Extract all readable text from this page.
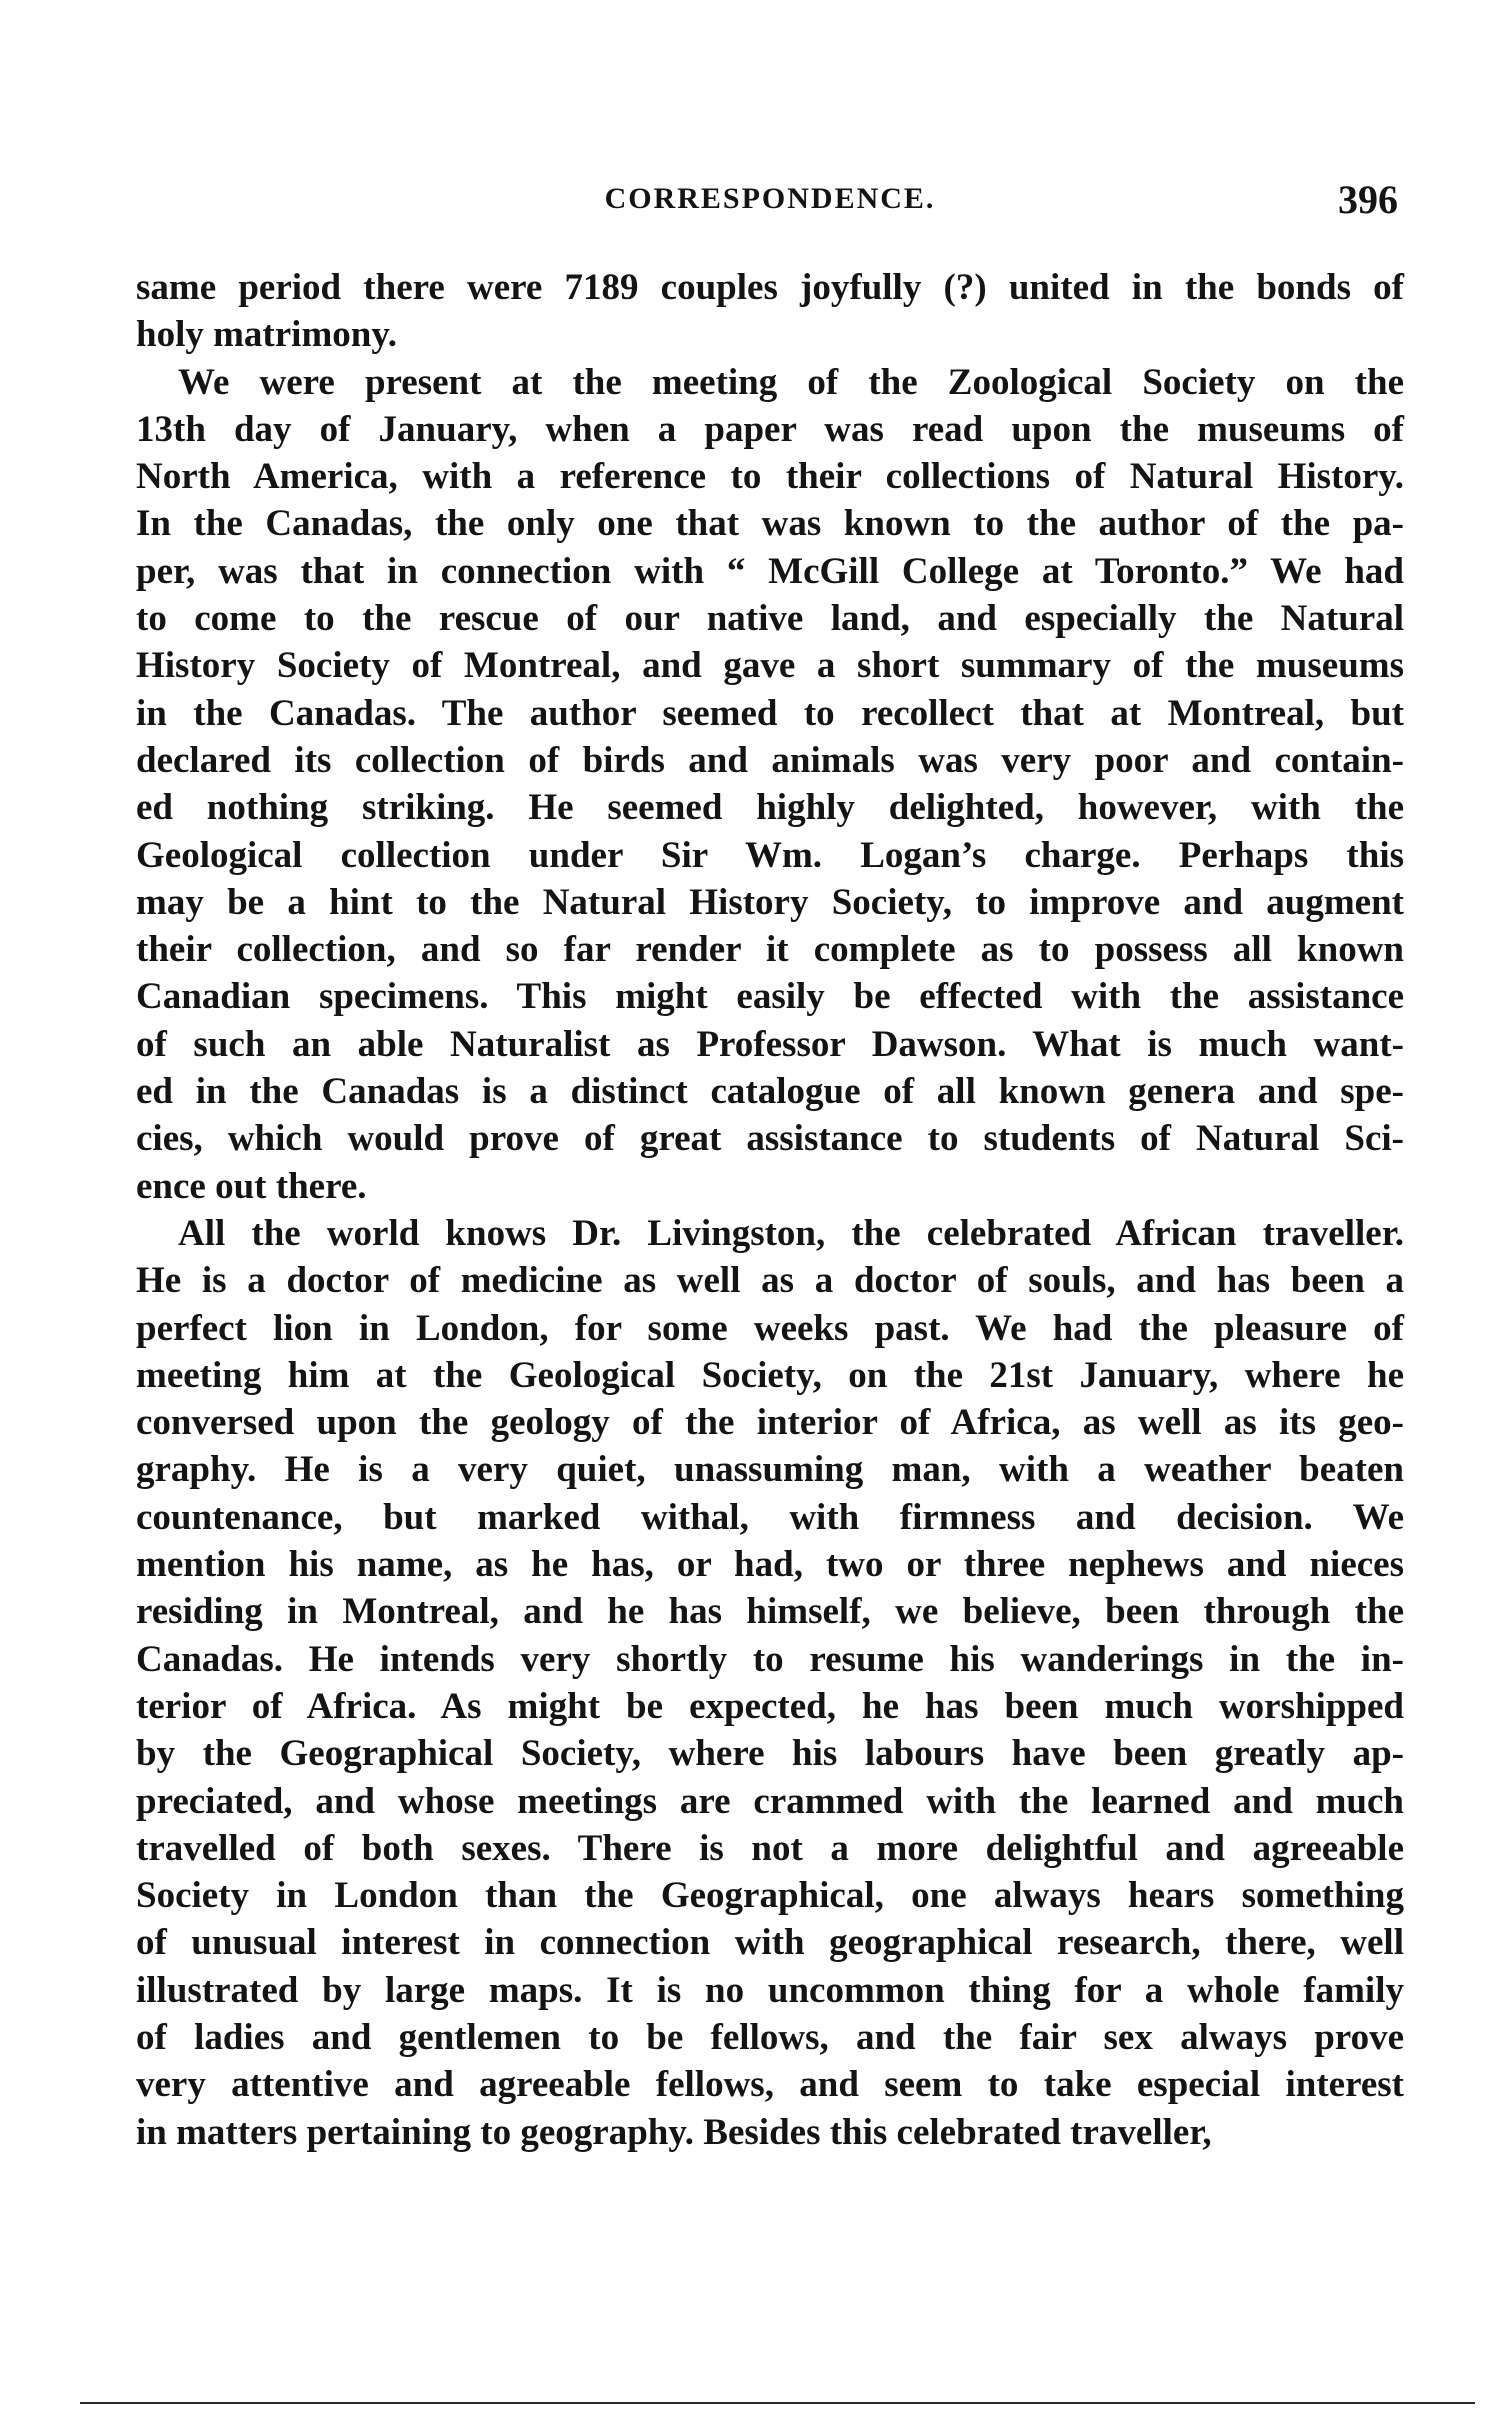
CORRESPONDENCE.	396
same period there were 7189 couples joyfully (?) united in the bonds of
holy matrimony.
We were present at the meeting of the Zoological Society on the
13th day of January, when a paper was read upon the museums of
North America, with a reference to their collections of Natural History.
In the Canadas, the only one that was known to the author of the pa-
per, was that in connection with “ McGill College at Toronto.” We had
to come to the rescue of our native land, and especially the Natural
History Society of Montreal, and gave a short summary of the museums
in the Canadas. The author seemed to recollect that at Montreal, but
declared its collection of birds and animals was very poor and contain-
ed nothing striking. He seemed highly delighted, however, with the
Geological collection under Sir Wm. Logan’s charge. Perhaps this
may be a hint to the Natural History Society, to improve and augment
their collection, and so far render it complete as to possess all known
Canadian specimens. This might easily be effected with the assistance
of such an able Naturalist as Professor Dawson. What is much want-
ed in the Canadas is a distinct catalogue of all known genera and spe-
cies, which would prove of great assistance to students of Natural Sci-
ence out there.
All the world knows Dr. Livingston, the celebrated African traveller.
He is a doctor of medicine as well as a doctor of souls, and has been a
perfect lion in London, for some weeks past. We had the pleasure of
meeting him at the Geological Society, on the 21st January, where he
conversed upon the geology of the interior of Africa, as well as its geo-
graphy. He is a very quiet, unassuming man, with a weather beaten
countenance, but marked withal, with firmness and decision. We
mention his name, as he has, or had, two or three nephews and nieces
residing in Montreal, and he has himself, we believe, been through the
Canadas. He intends very shortly to resume his wanderings in the in-
terior of Africa. As might be expected, he has been much worshipped
by the Geographical Society, where his labours have been greatly ap-
preciated, and whose meetings are crammed with the learned and much
travelled of both sexes. There is not a more delightful and agreeable
Society in London than the Geographical, one always hears something
of unusual interest in connection with geographical research, there, well
illustrated by large maps. It is no uncommon thing for a whole family
of ladies and gentlemen to be fellows, and the fair sex always prove
very attentive and agreeable fellows, and seem to take especial interest
in matters pertaining to geography. Besides this celebrated traveller,
